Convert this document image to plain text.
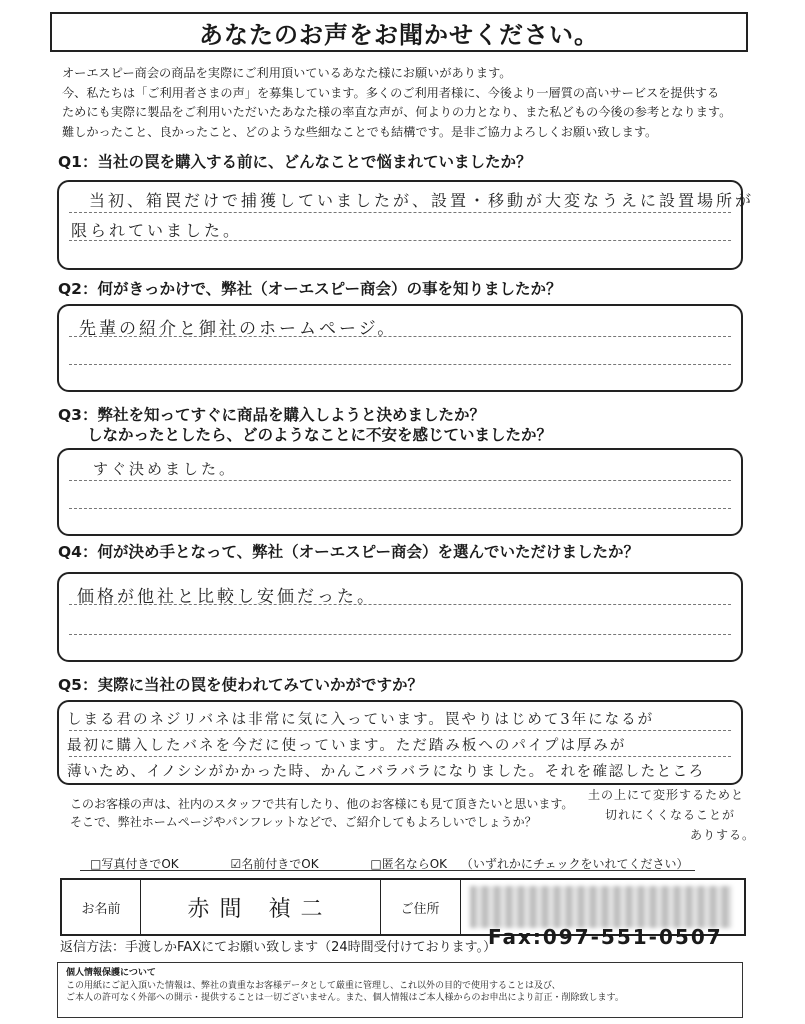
あなたのお声をお聞かせください。
オーエスピー商会の商品を実際にご利用頂いているあなた様にお願いがあります。
今、私たちは「ご利用者さまの声」を募集しています。多くのご利用者様に、今後より一層質の高いサービスを提供する
ためにも実際に製品をご利用いただいたあなた様の率直な声が、何よりの力となり、また私どもの今後の参考となります。
難しかったこと、良かったこと、どのような些細なことでも結構です。是非ご協力よろしくお願い致します。
Q1：当社の罠を購入する前に、どんなことで悩まれていましたか？
当初、箱罠だけで捕獲していましたが、設置・移動が大変なうえに設置場所が
限られていました。
Q2：何がきっかけで、弊社（オーエスピー商会）の事を知りましたか？
先輩の紹介と御社のホームページ。
Q3：弊社を知ってすぐに商品を購入しようと決めましたか？
しなかったとしたら、どのようなことに不安を感じていましたか？
すぐ決めました。
Q4：何が決め手となって、弊社（オーエスピー商会）を選んでいただけましたか？
価格が他社と比較し安価だった。
Q5：実際に当社の罠を使われてみていかがですか？
しまる君のネジリバネは非常に気に入っています。罠やりはじめて3年になるが
最初に購入したバネを今だに使っています。ただ踏み板へのパイプは厚みが
薄いため、イノシシがかかった時、かんこバラバラになりました。それを確認したところ
土の上にて変形するためと
切れにくくなることが
ありする。
このお客様の声は、社内のスタッフで共有したり、他のお客様にも見て頂きたいと思います。
そこで、弊社ホームページやパンフレットなどで、ご紹介してもよろしいでしょうか？
□写真付きでOK	☑名前付きでOK	□匿名ならOK （いずれかにチェックをいれてください）
お名前	赤間 禎二	ご住所
返信方法：手渡しかFAXにてお願い致します（24時間受付けております。）
Fax:097-551-0507
個人情報保護について
この用紙にご記入頂いた情報は、弊社の貴重なお客様データとして厳重に管理し、これ以外の目的で使用することは及び、
ご本人の許可なく外部への開示・提供することは一切ございません。また、個人情報はご本人様からのお申出により訂正・削除致します。
